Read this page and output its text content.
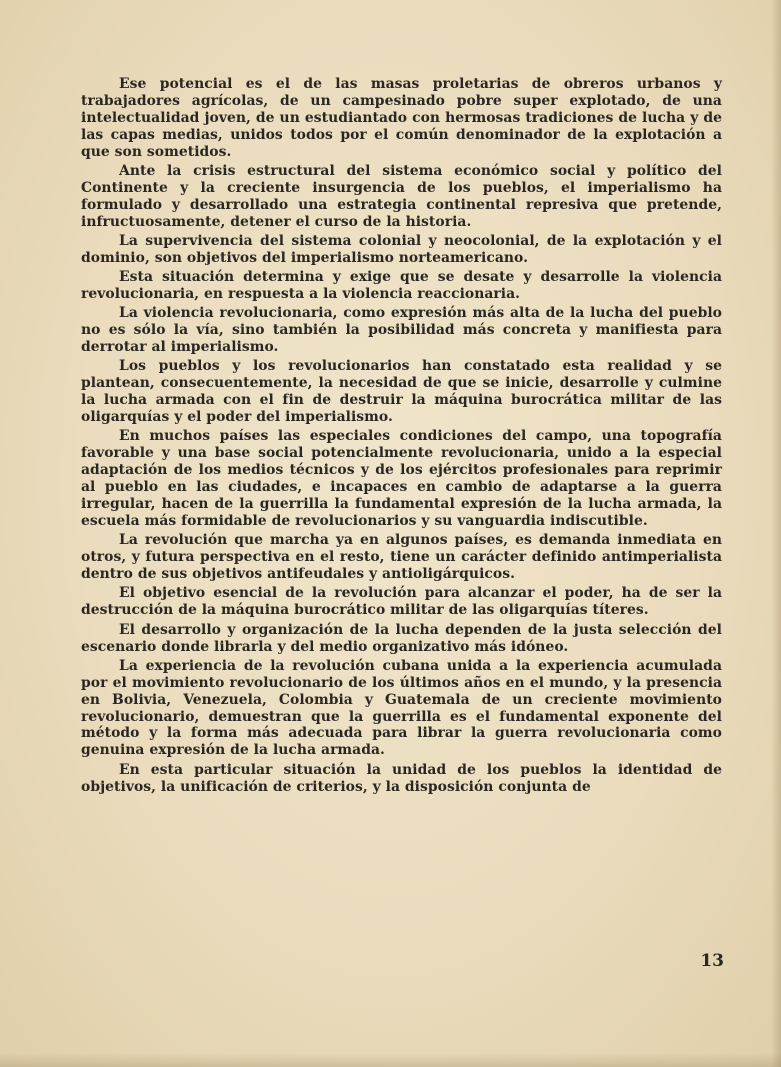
Ese potencial es el de las masas proletarias de obreros urbanos y trabajadores agrícolas, de un campesinado pobre super explotado, de una intelectualidad joven, de un estudiantado con hermosas tradiciones de lucha y de las capas medias, unidos todos por el común denominador de la explotación a que son sometidos.

Ante la crisis estructural del sistema económico social y político del Continente y la creciente insurgencia de los pueblos, el imperialismo ha formulado y desarrollado una estrategia continental represiva que pretende, infructuosamente, detener el curso de la historia.

La supervivencia del sistema colonial y neocolonial, de la explotación y el dominio, son objetivos del imperialismo norteamericano.

Esta situación determina y exige que se desate y desarrolle la violencia revolucionaria, en respuesta a la violencia reaccionaria.

La violencia revolucionaria, como expresión más alta de la lucha del pueblo no es sólo la vía, sino también la posibilidad más concreta y manifiesta para derrotar al imperialismo.

Los pueblos y los revolucionarios han constatado esta realidad y se plantean, consecuentemente, la necesidad de que se inicie, desarrolle y culmine la lucha armada con el fin de destruir la máquina burocrática militar de las oligarquías y el poder del imperialismo.

En muchos países las especiales condiciones del campo, una topografía favorable y una base social potencialmente revolucionaria, unido a la especial adaptación de los medios técnicos y de los ejércitos profesionales para reprimir al pueblo en las ciudades, e incapaces en cambio de adaptarse a la guerra irregular, hacen de la guerrilla la fundamental expresión de la lucha armada, la escuela más formidable de revolucionarios y su vanguardia indiscutible.

La revolución que marcha ya en algunos países, es demanda inmediata en otros, y futura perspectiva en el resto, tiene un carácter definido antimperialista dentro de sus objetivos antifeudales y antioligárquicos.

El objetivo esencial de la revolución para alcanzar el poder, ha de ser la destrucción de la máquina burocrático militar de las oligarquías títeres.

El desarrollo y organización de la lucha dependen de la justa selección del escenario donde librarla y del medio organizativo más idóneo.

La experiencia de la revolución cubana unida a la experiencia acumulada por el movimiento revolucionario de los últimos años en el mundo, y la presencia en Bolivia, Venezuela, Colombia y Guatemala de un creciente movimiento revolucionario, demuestran que la guerrilla es el fundamental exponente del método y la forma más adecuada para librar la guerra revolucionaria como genuina expresión de la lucha armada.

En esta particular situación la unidad de los pueblos la identidad de objetivos, la unificación de criterios, y la disposición conjunta de

13
